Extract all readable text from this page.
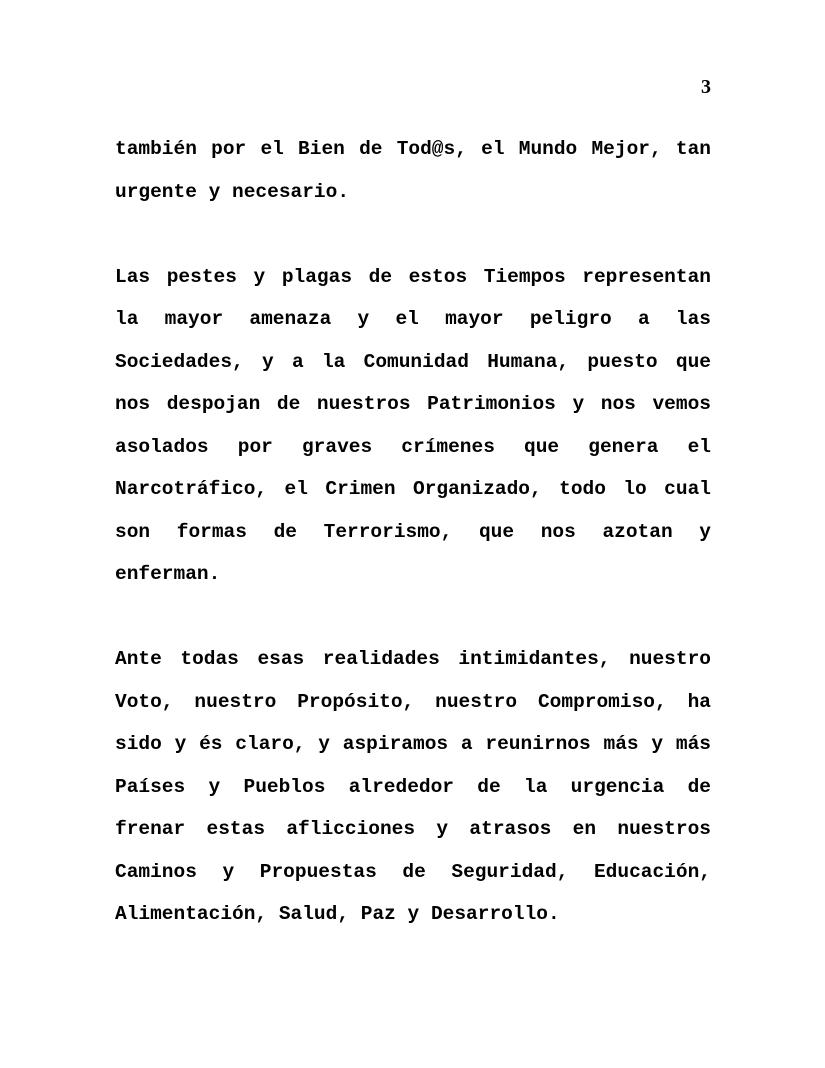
3

también por el Bien de Tod@s, el Mundo Mejor, tan urgente y necesario.

Las pestes y plagas de estos Tiempos representan la mayor amenaza y el mayor peligro a las Sociedades, y a la Comunidad Humana, puesto que nos despojan de nuestros Patrimonios y nos vemos asolados por graves crímenes que genera el Narcotráfico, el Crimen Organizado, todo lo cual son formas de Terrorismo, que nos azotan y enferman.

Ante todas esas realidades intimidantes, nuestro Voto, nuestro Propósito, nuestro Compromiso, ha sido y és claro, y aspiramos a reunirnos más y más Países y Pueblos alrededor de la urgencia de frenar estas aflicciones y atrasos en nuestros Caminos y Propuestas de Seguridad, Educación, Alimentación, Salud, Paz y Desarrollo.
